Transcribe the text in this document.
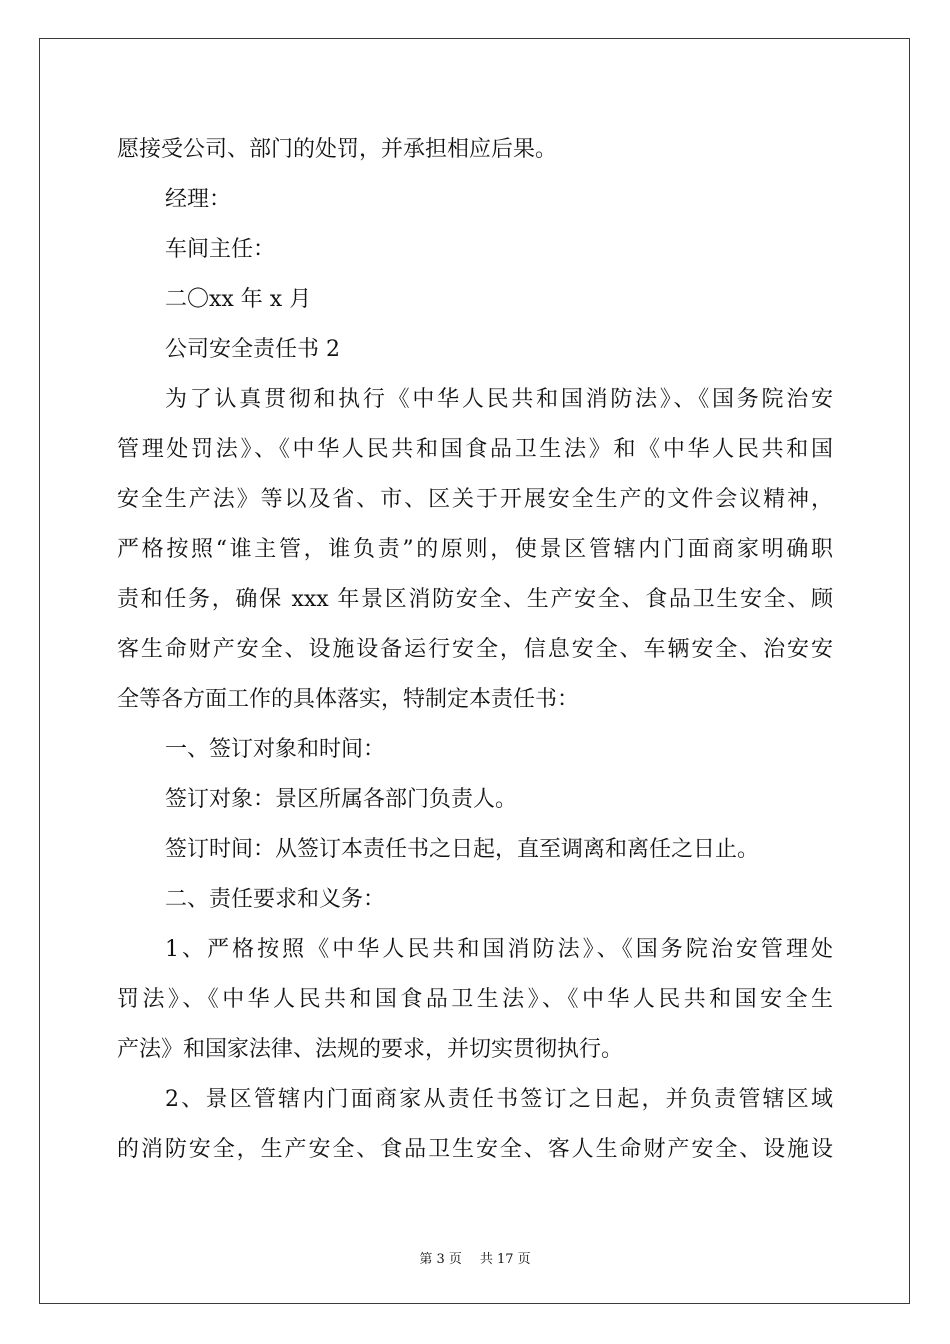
愿接受公司、部门的处罚，并承担相应后果。

经理：

车间主任：

二〇xx 年 x 月

公司安全责任书 2

为了认真贯彻和执行《中华人民共和国消防法》、《国务院治安

管理处罚法》、《中华人民共和国食品卫生法》和《中华人民共和国

安全生产法》等以及省、市、区关于开展安全生产的文件会议精神，

严格按照“谁主管，谁负责”的原则，使景区管辖内门面商家明确职

责和任务，确保 xxx 年景区消防安全、生产安全、食品卫生安全、顾

客生命财产安全、设施设备运行安全，信息安全、车辆安全、治安安

全等各方面工作的具体落实，特制定本责任书：

一、签订对象和时间：

签订对象：景区所属各部门负责人。

签订时间：从签订本责任书之日起，直至调离和离任之日止。

二、责任要求和义务：

1、严格按照《中华人民共和国消防法》、《国务院治安管理处

罚法》、《中华人民共和国食品卫生法》、《中华人民共和国安全生

产法》和国家法律、法规的要求，并切实贯彻执行。

2、景区管辖内门面商家从责任书签订之日起，并负责管辖区域

的消防安全，生产安全、食品卫生安全、客人生命财产安全、设施设

第 3 页 共 17 页
